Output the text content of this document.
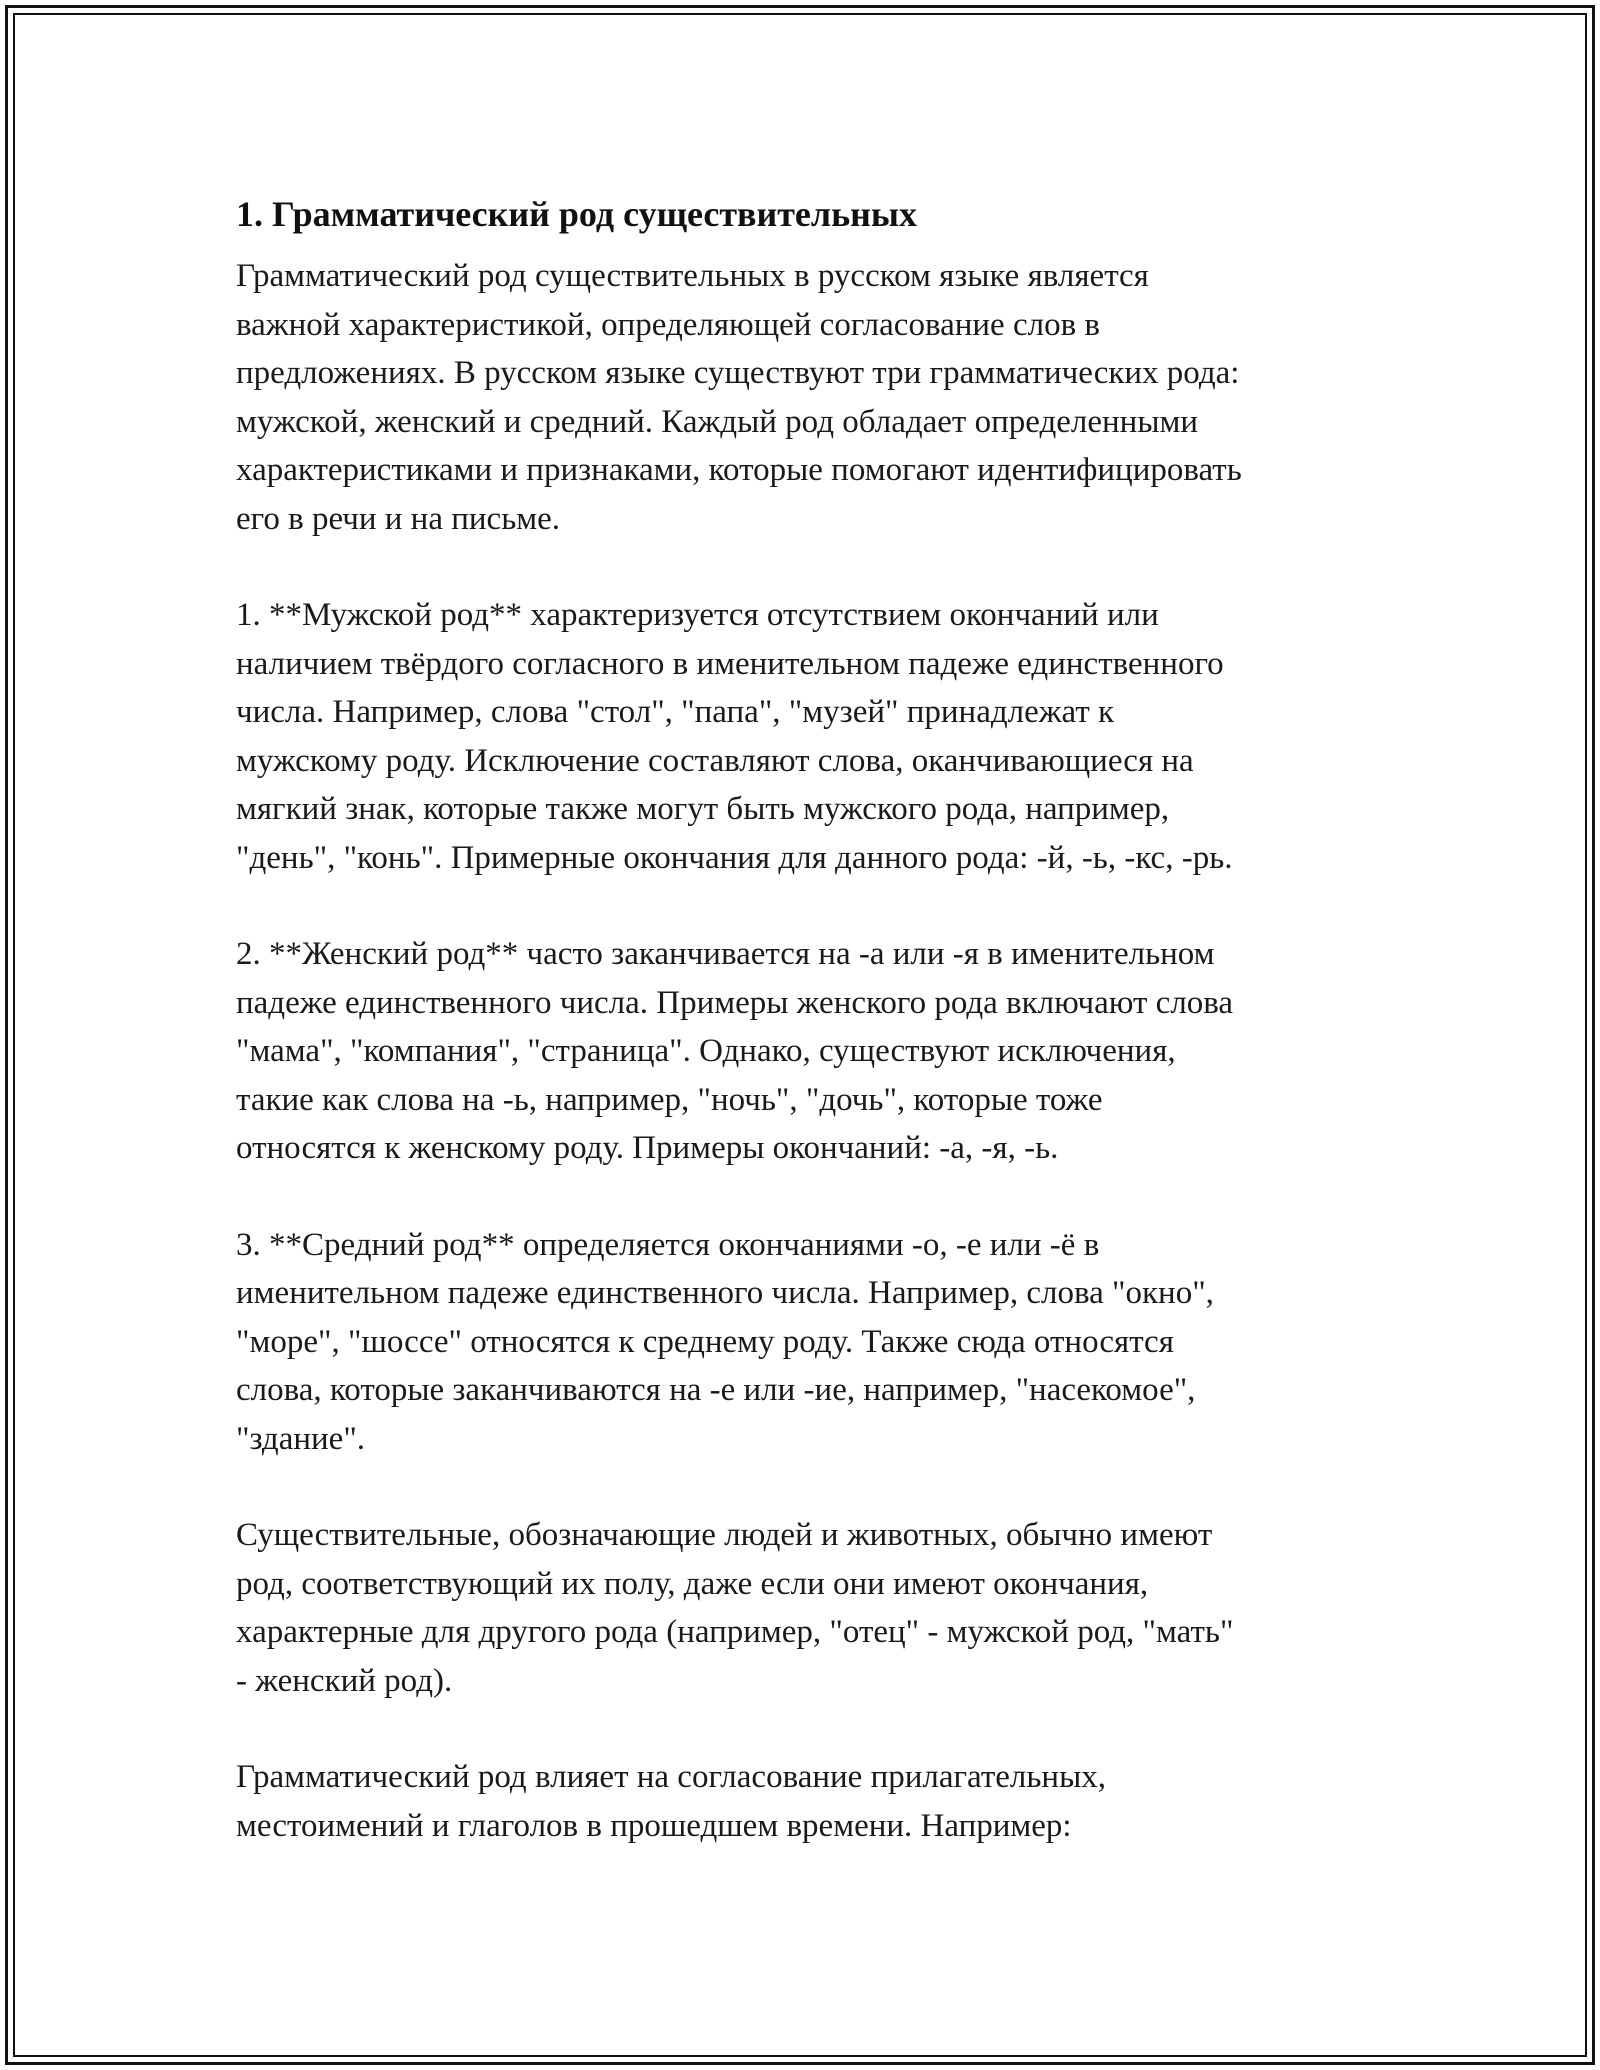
1. Грамматический род существительных
Грамматический род существительных в русском языке является
важной характеристикой, определяющей согласование слов в
предложениях. В русском языке существуют три грамматических рода:
мужской, женский и средний. Каждый род обладает определенными
характеристиками и признаками, которые помогают идентифицировать
его в речи и на письме.
1. **Мужской род** характеризуется отсутствием окончаний или
наличием твёрдого согласного в именительном падеже единственного
числа. Например, слова "стол", "папа", "музей" принадлежат к
мужскому роду. Исключение составляют слова, оканчивающиеся на
мягкий знак, которые также могут быть мужского рода, например,
"день", "конь". Примерные окончания для данного рода: -й, -ь, -кс, -рь.
2. **Женский род** часто заканчивается на -а или -я в именительном
падеже единственного числа. Примеры женского рода включают слова
"мама", "компания", "страница". Однако, существуют исключения,
такие как слова на -ь, например, "ночь", "дочь", которые тоже
относятся к женскому роду. Примеры окончаний: -а, -я, -ь.
3. **Средний род** определяется окончаниями -о, -е или -ё в
именительном падеже единственного числа. Например, слова "окно",
"море", "шоссе" относятся к среднему роду. Также сюда относятся
слова, которые заканчиваются на -е или -ие, например, "насекомое",
"здание".
Существительные, обозначающие людей и животных, обычно имеют
род, соответствующий их полу, даже если они имеют окончания,
характерные для другого рода (например, "отец" - мужской род, "мать"
- женский род).
Грамматический род влияет на согласование прилагательных,
местоимений и глаголов в прошедшем времени. Например:
